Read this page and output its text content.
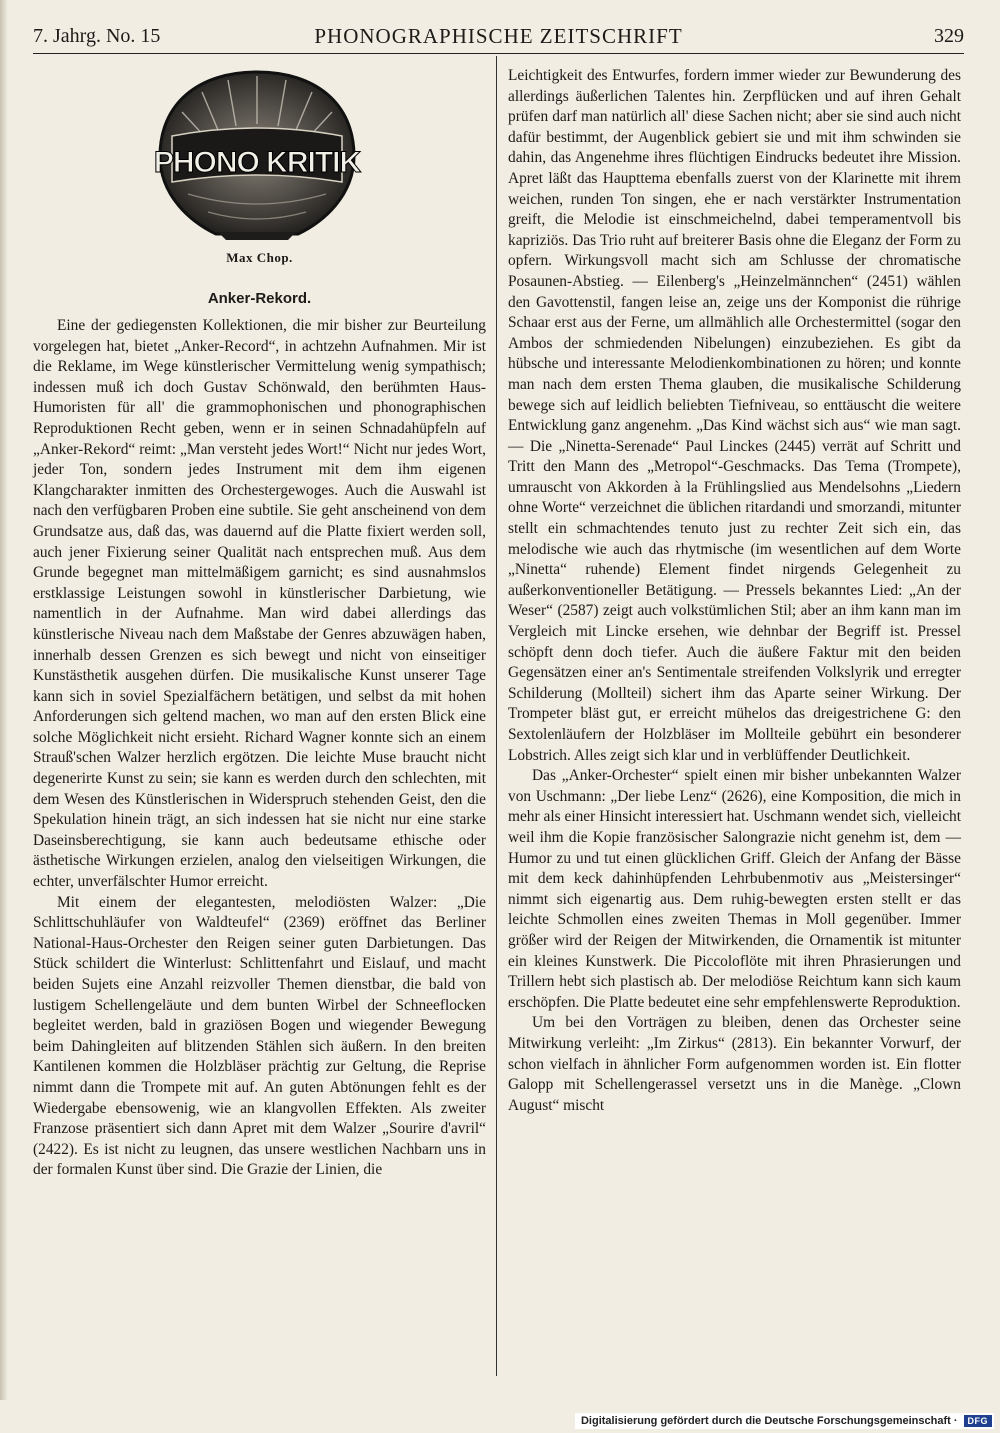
7. Jahrg. No. 15	PHONOGRAPHISCHE ZEITSCHRIFT	329
PHONO KRITIK
Max Chop.
Anker-Rekord.

Eine der gediegensten Kollektionen, die mir bisher zur Beurteilung vorgelegen hat, bietet „Anker-Record“, in achtzehn Aufnahmen. Mir ist die Reklame, im Wege künstlerischer Vermittelung wenig sympathisch; indessen muß ich doch Gustav Schönwald, den berühmten Haus-Humoristen für all' die grammophonischen und phonographischen Reproduktionen Recht geben, wenn er in seinen Schnadahüpfeln auf „Anker-Rekord“ reimt: „Man versteht jedes Wort!“ Nicht nur jedes Wort, jeder Ton, sondern jedes Instrument mit dem ihm eigenen Klangcharakter inmitten des Orchestergewoges. Auch die Auswahl ist nach den verfügbaren Proben eine subtile. Sie geht anscheinend von dem Grundsatze aus, daß das, was dauernd auf die Platte fixiert werden soll, auch jener Fixierung seiner Qualität nach entsprechen muß. Aus dem Grunde begegnet man mittelmäßigem garnicht; es sind ausnahmslos erstklassige Leistungen sowohl in künstlerischer Darbietung, wie namentlich in der Aufnahme. Man wird dabei allerdings das künstlerische Niveau nach dem Maßstabe der Genres abzuwägen haben, innerhalb dessen Grenzen es sich bewegt und nicht von einseitiger Kunstästhetik ausgehen dürfen. Die musikalische Kunst unserer Tage kann sich in soviel Spezialfächern betätigen, und selbst da mit hohen Anforderungen sich geltend machen, wo man auf den ersten Blick eine solche Möglichkeit nicht ersieht. Richard Wagner konnte sich an einem Strauß'schen Walzer herzlich ergötzen. Die leichte Muse braucht nicht degenerirte Kunst zu sein; sie kann es werden durch den schlechten, mit dem Wesen des Künstlerischen in Widerspruch stehenden Geist, den die Spekulation hinein trägt, an sich indessen hat sie nicht nur eine starke Daseinsberechtigung, sie kann auch bedeutsame ethische oder ästhetische Wirkungen erzielen, analog den vielseitigen Wirkungen, die echter, unverfälschter Humor erreicht.

Mit einem der elegantesten, melodiösten Walzer: „Die Schlittschuhläufer von Waldteufel“ (2369) eröffnet das Berliner National-Haus-Orchester den Reigen seiner guten Darbietungen. Das Stück schildert die Winterlust: Schlittenfahrt und Eislauf, und macht beiden Sujets eine Anzahl reizvoller Themen dienstbar, die bald von lustigem Schellengeläute und dem bunten Wirbel der Schneeflocken begleitet werden, bald in graziösen Bogen und wiegender Bewegung beim Dahingleiten auf blitzenden Stählen sich äußern. In den breiten Kantilenen kommen die Holzbläser prächtig zur Geltung, die Reprise nimmt dann die Trompete mit auf. An guten Abtönungen fehlt es der Wiedergabe ebensowenig, wie an klangvollen Effekten. Als zweiter Franzose präsentiert sich dann Apret mit dem Walzer „Sourire d'avril“ (2422). Es ist nicht zu leugnen, das unsere westlichen Nachbarn uns in der formalen Kunst über sind. Die Grazie der Linien, die

Leichtigkeit des Entwurfes, fordern immer wieder zur Bewunderung des allerdings äußerlichen Talentes hin. Zerpflücken und auf ihren Gehalt prüfen darf man natürlich all' diese Sachen nicht; aber sie sind auch nicht dafür bestimmt, der Augenblick gebiert sie und mit ihm schwinden sie dahin, das Angenehme ihres flüchtigen Eindrucks bedeutet ihre Mission. Apret läßt das Haupttema ebenfalls zuerst von der Klarinette mit ihrem weichen, runden Ton singen, ehe er nach verstärkter Instrumentation greift, die Melodie ist einschmeichelnd, dabei temperamentvoll bis kapriziös. Das Trio ruht auf breiterer Basis ohne die Eleganz der Form zu opfern. Wirkungsvoll macht sich am Schlusse der chromatische Posaunen-Abstieg. — Eilenberg's „Heinzelmännchen“ (2451) wählen den Gavottenstil, fangen leise an, zeige uns der Komponist die rührige Schaar erst aus der Ferne, um allmählich alle Orchestermittel (sogar den Ambos der schmiedenden Nibelungen) einzubeziehen. Es gibt da hübsche und interessante Melodienkombinationen zu hören; und konnte man nach dem ersten Thema glauben, die musikalische Schilderung bewege sich auf leidlich beliebten Tiefniveau, so enttäuscht die weitere Entwicklung ganz angenehm. „Das Kind wächst sich aus“ wie man sagt. — Die „Ninetta-Serenade“ Paul Linckes (2445) verrät auf Schritt und Tritt den Mann des „Metropol“-Geschmacks. Das Tema (Trompete), umrauscht von Akkorden à la Frühlingslied aus Mendelsohns „Liedern ohne Worte“ verzeichnet die üblichen ritardandi und smorzandi, mitunter stellt ein schmachtendes tenuto just zu rechter Zeit sich ein, das melodische wie auch das rhytmische (im wesentlichen auf dem Worte „Ninetta“ ruhende) Element findet nirgends Gelegenheit zu außerkonventioneller Betätigung. — Pressels bekanntes Lied: „An der Weser“ (2587) zeigt auch volkstümlichen Stil; aber an ihm kann man im Vergleich mit Lincke ersehen, wie dehnbar der Begriff ist. Pressel schöpft denn doch tiefer. Auch die äußere Faktur mit den beiden Gegensätzen einer an's Sentimentale streifenden Volkslyrik und erregter Schilderung (Mollteil) sichert ihm das Aparte seiner Wirkung. Der Trompeter bläst gut, er erreicht mühelos das dreigestrichene G: den Sextolenläufern der Holzbläser im Mollteile gebührt ein besonderer Lobstrich. Alles zeigt sich klar und in verblüffender Deutlichkeit.

Das „Anker-Orchester“ spielt einen mir bisher unbekannten Walzer von Uschmann: „Der liebe Lenz“ (2626), eine Komposition, die mich in mehr als einer Hinsicht interessiert hat. Uschmann wendet sich, vielleicht weil ihm die Kopie französischer Salongrazie nicht genehm ist, dem — Humor zu und tut einen glücklichen Griff. Gleich der Anfang der Bässe mit dem keck dahinhüpfenden Lehrbubenmotiv aus „Meistersinger“ nimmt sich eigenartig aus. Dem ruhig-bewegten ersten stellt er das leichte Schmollen eines zweiten Themas in Moll gegenüber. Immer größer wird der Reigen der Mitwirkenden, die Ornamentik ist mitunter ein kleines Kunstwerk. Die Piccoloflöte mit ihren Phrasierungen und Trillern hebt sich plastisch ab. Der melodiöse Reichtum kann sich kaum erschöpfen. Die Platte bedeutet eine sehr empfehlenswerte Reproduktion.

Um bei den Vorträgen zu bleiben, denen das Orchester seine Mitwirkung verleiht: „Im Zirkus“ (2813). Ein bekannter Vorwurf, der schon vielfach in ähnlicher Form aufgenommen worden ist. Ein flotter Galopp mit Schellengerassel versetzt uns in die Manège. „Clown August“ mischt

Digitalisierung gefördert durch die Deutsche Forschungsgemeinschaft ·	DFG
